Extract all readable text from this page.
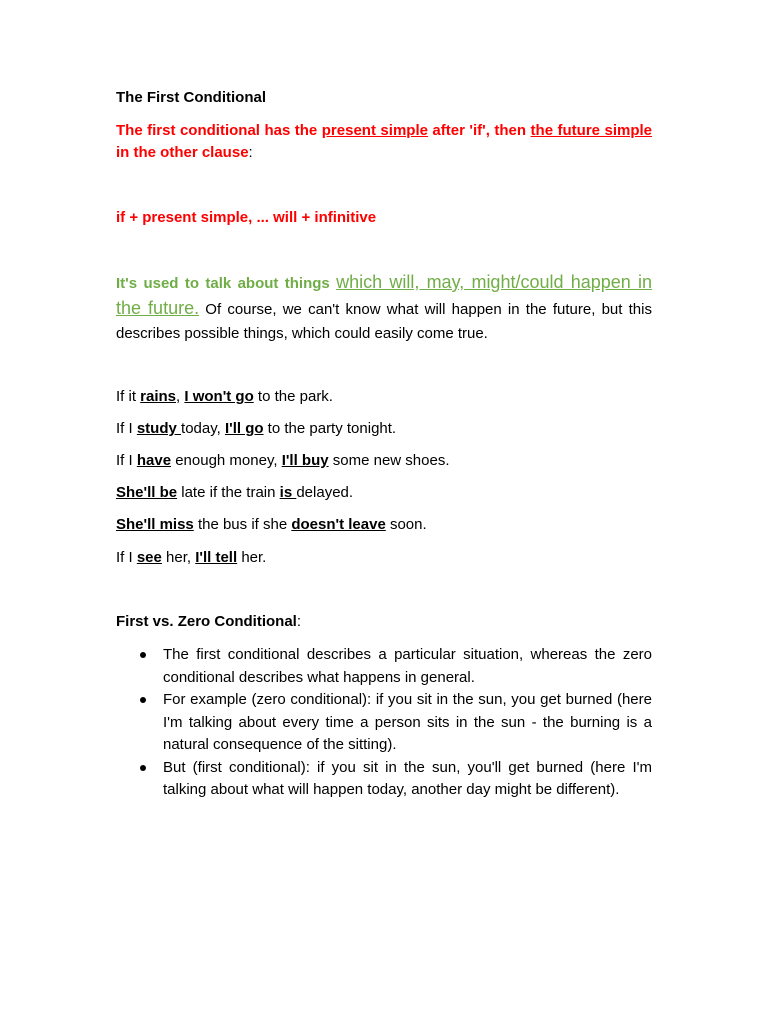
The First Conditional

The first conditional has the present simple after 'if', then the future simple in the other clause:

if + present simple, ... will + infinitive

It's used to talk about things which will, may, might/could happen in the future. Of course, we can't know what will happen in the future, but this describes possible things, which could easily come true.

If it rains, I won't go to the park.
If I study today, I'll go to the party tonight.
If I have enough money, I'll buy some new shoes.
She'll be late if the train is delayed.
She'll miss the bus if she doesn't leave soon.
If I see her, I'll tell her.
First vs. Zero Conditional:
The first conditional describes a particular situation, whereas the zero conditional describes what happens in general.
For example (zero conditional): if you sit in the sun, you get burned (here I'm talking about every time a person sits in the sun - the burning is a natural consequence of the sitting).
But (first conditional): if you sit in the sun, you'll get burned (here I'm talking about what will happen today, another day might be different).
